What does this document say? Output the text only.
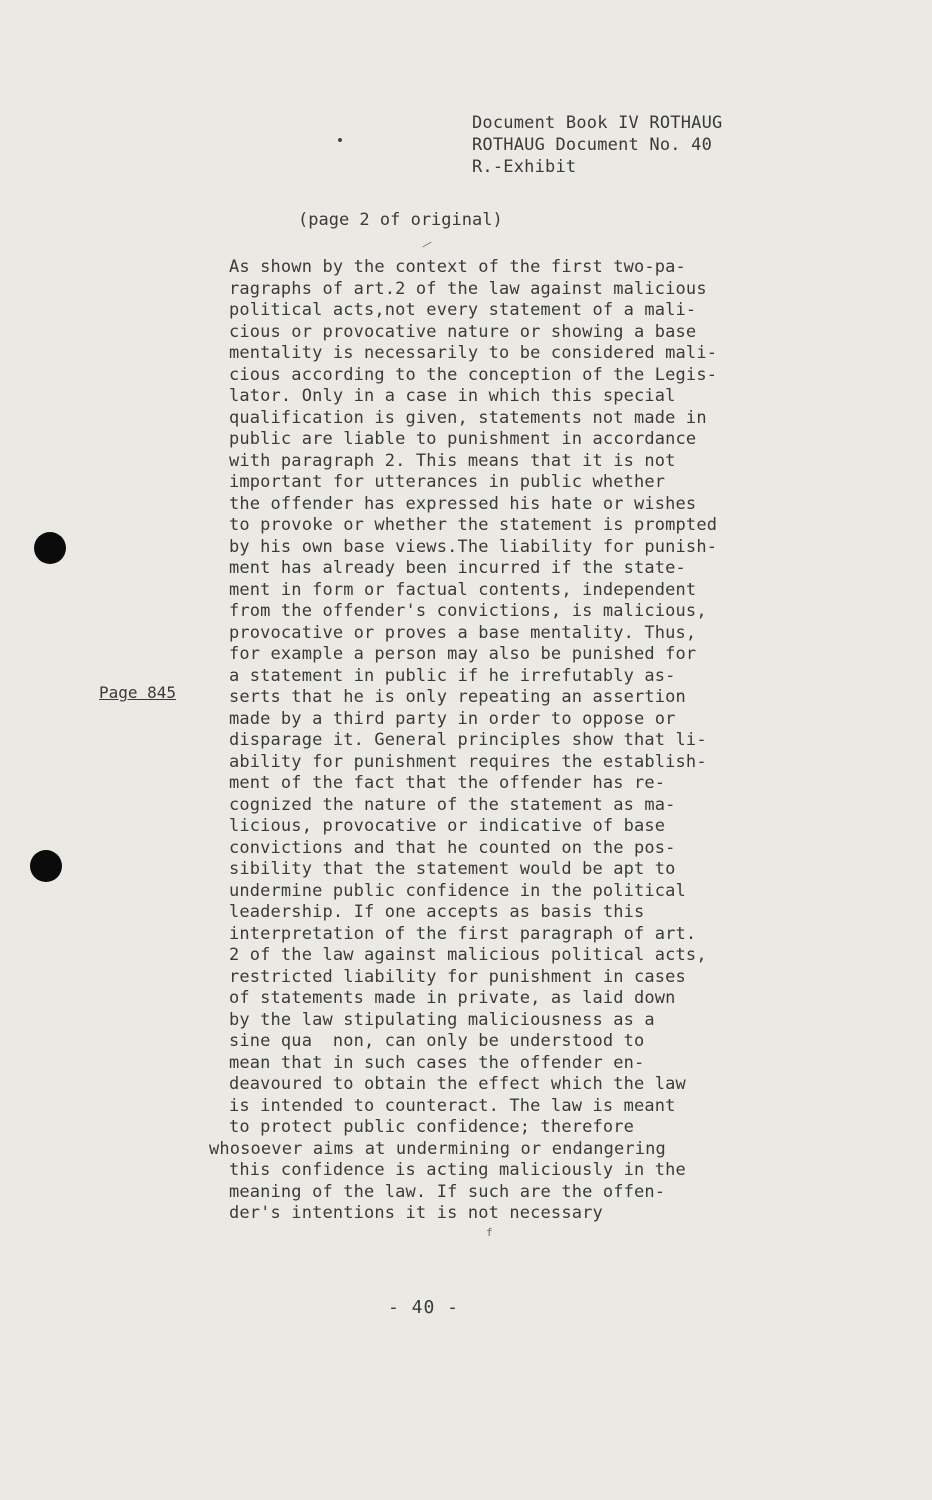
Document Book IV ROTHAUG
ROTHAUG Document No. 40
R.-Exhibit
(page 2 of original)
Page 845
As shown by the context of the first two-pa-
ragraphs of art.2 of the law against malicious
political acts,not every statement of a mali-
cious or provocative nature or showing a base
mentality is necessarily to be considered mali-
cious according to the conception of the Legis-
lator. Only in a case in which this special
qualification is given, statements not made in
public are liable to punishment in accordance
with paragraph 2. This means that it is not
important for utterances in public whether
the offender has expressed his hate or wishes
to provoke or whether the statement is prompted
by his own base views.The liability for punish-
ment has already been incurred if the state-
ment in form or factual contents, independent
from the offender's convictions, is malicious,
provocative or proves a base mentality. Thus,
for example a person may also be punished for
a statement in public if he irrefutably as-
serts that he is only repeating an assertion
made by a third party in order to oppose or
disparage it. General principles show that li-
ability for punishment requires the establish-
ment of the fact that the offender has re-
cognized the nature of the statement as ma-
licious, provocative or indicative of base
convictions and that he counted on the pos-
sibility that the statement would be apt to
undermine public confidence in the political
leadership. If one accepts as basis this
interpretation of the first paragraph of art.
2 of the law against malicious political acts,
restricted liability for punishment in cases
of statements made in private, as laid down
by the law stipulating maliciousness as a
sine qua  non, can only be understood to
mean that in such cases the offender en-
deavoured to obtain the effect which the law
is intended to counteract. The law is meant
to protect public confidence; therefore
whosoever aims at undermining or endangering
this confidence is acting maliciously in the
meaning of the law. If such are the offen-
der's intentions it is not necessary
f
- 40 -
